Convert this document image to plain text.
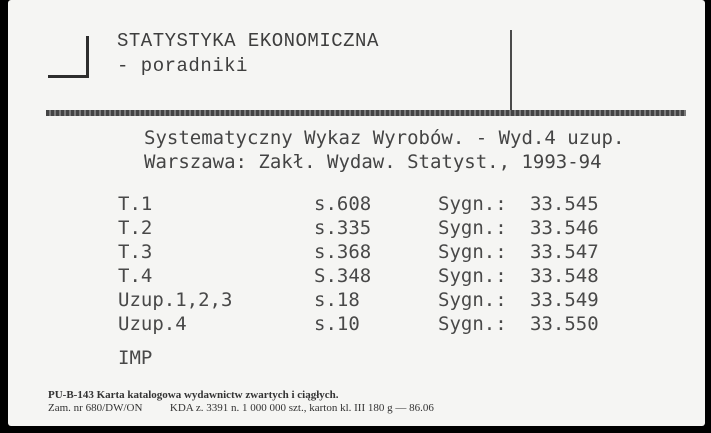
STATYSTYKA EKONOMICZNA
- poradniki
Systematyczny Wykaz Wyrobów. - Wyd.4 uzup.
Warszawa: Zakł. Wydaw. Statyst., 1993-94
T.1	s.608	Sygn.: 33.545
T.2	s.335	Sygn.: 33.546
T.3	s.368	Sygn.: 33.547
T.4	S.348	Sygn.: 33.548
Uzup.1,2,3	s.18	Sygn.: 33.549
Uzup.4	s.10	Sygn.: 33.550
IMP
PU-B-143 Karta katalogowa wydawnictw zwartych i ciągłych.
Zam. nr 680/DW/ON          KDA z. 3391 n. 1 000 000 szt., karton kl. III 180 g — 86.06
